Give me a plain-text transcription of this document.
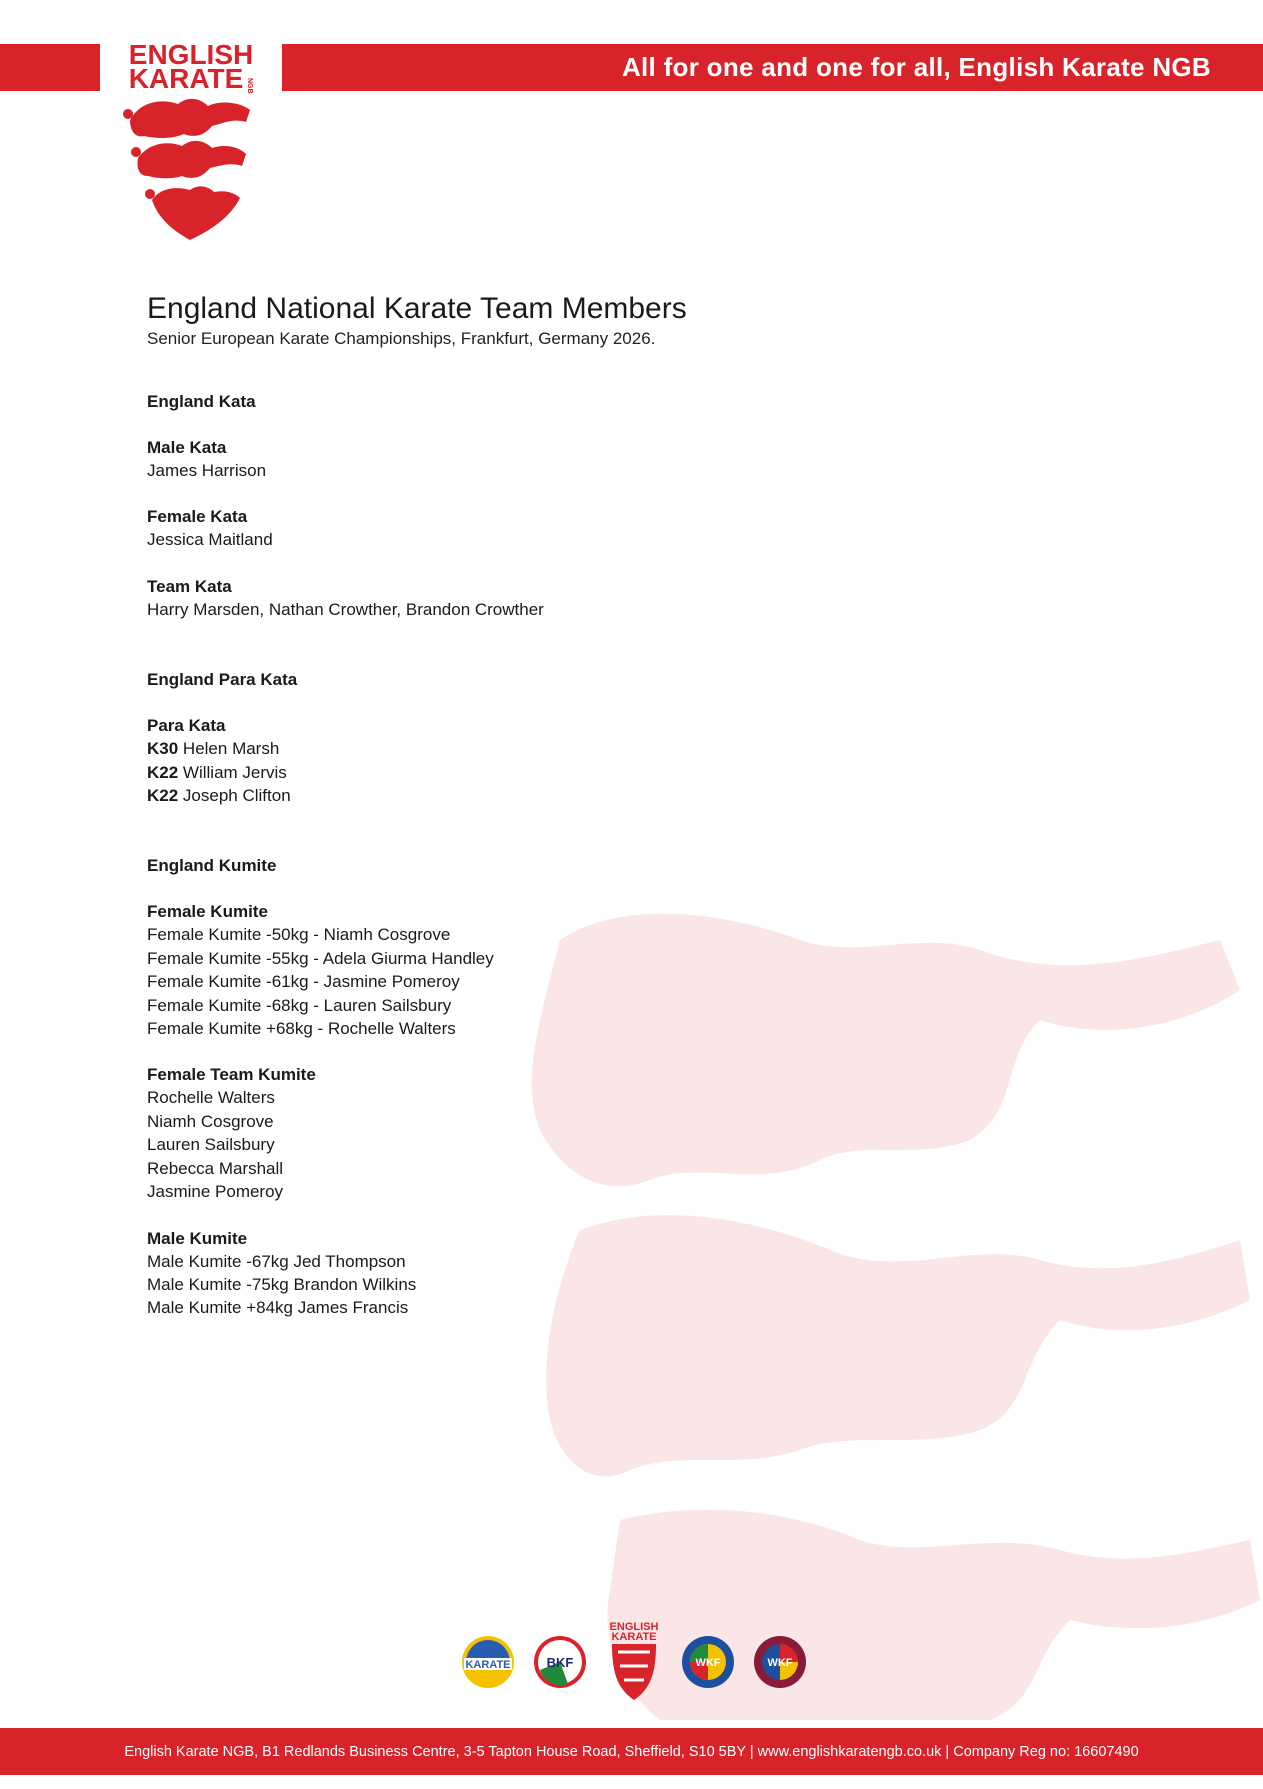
All for one and one for all, English Karate NGB
ENGLISH
KARATE NGB
England National Karate Team Members
Senior European Karate Championships, Frankfurt, Germany 2026.
England Kata
Male Kata
James Harrison
Female Kata
Jessica Maitland
Team Kata
Harry Marsden, Nathan Crowther, Brandon Crowther
England Para Kata
Para Kata
K30 Helen Marsh
K22 William Jervis
K22 Joseph Clifton
England Kumite
Female Kumite
Female Kumite -50kg - Niamh Cosgrove
Female Kumite -55kg - Adela Giurma Handley
Female Kumite -61kg - Jasmine Pomeroy
Female Kumite -68kg - Lauren Sailsbury
Female Kumite +68kg - Rochelle Walters
Female Team Kumite
Rochelle Walters
Niamh Cosgrove
Lauren Sailsbury
Rebecca Marshall
Jasmine Pomeroy
Male Kumite
Male Kumite -67kg Jed Thompson
Male Kumite -75kg Brandon Wilkins
Male Kumite +84kg James Francis
KARATE	BKF
ENGLISH
KARATE
WKF	WKF
English Karate NGB, B1 Redlands Business Centre, 3-5 Tapton House Road, Sheffield, S10 5BY | www.englishkaratengb.co.uk | Company Reg no: 16607490
